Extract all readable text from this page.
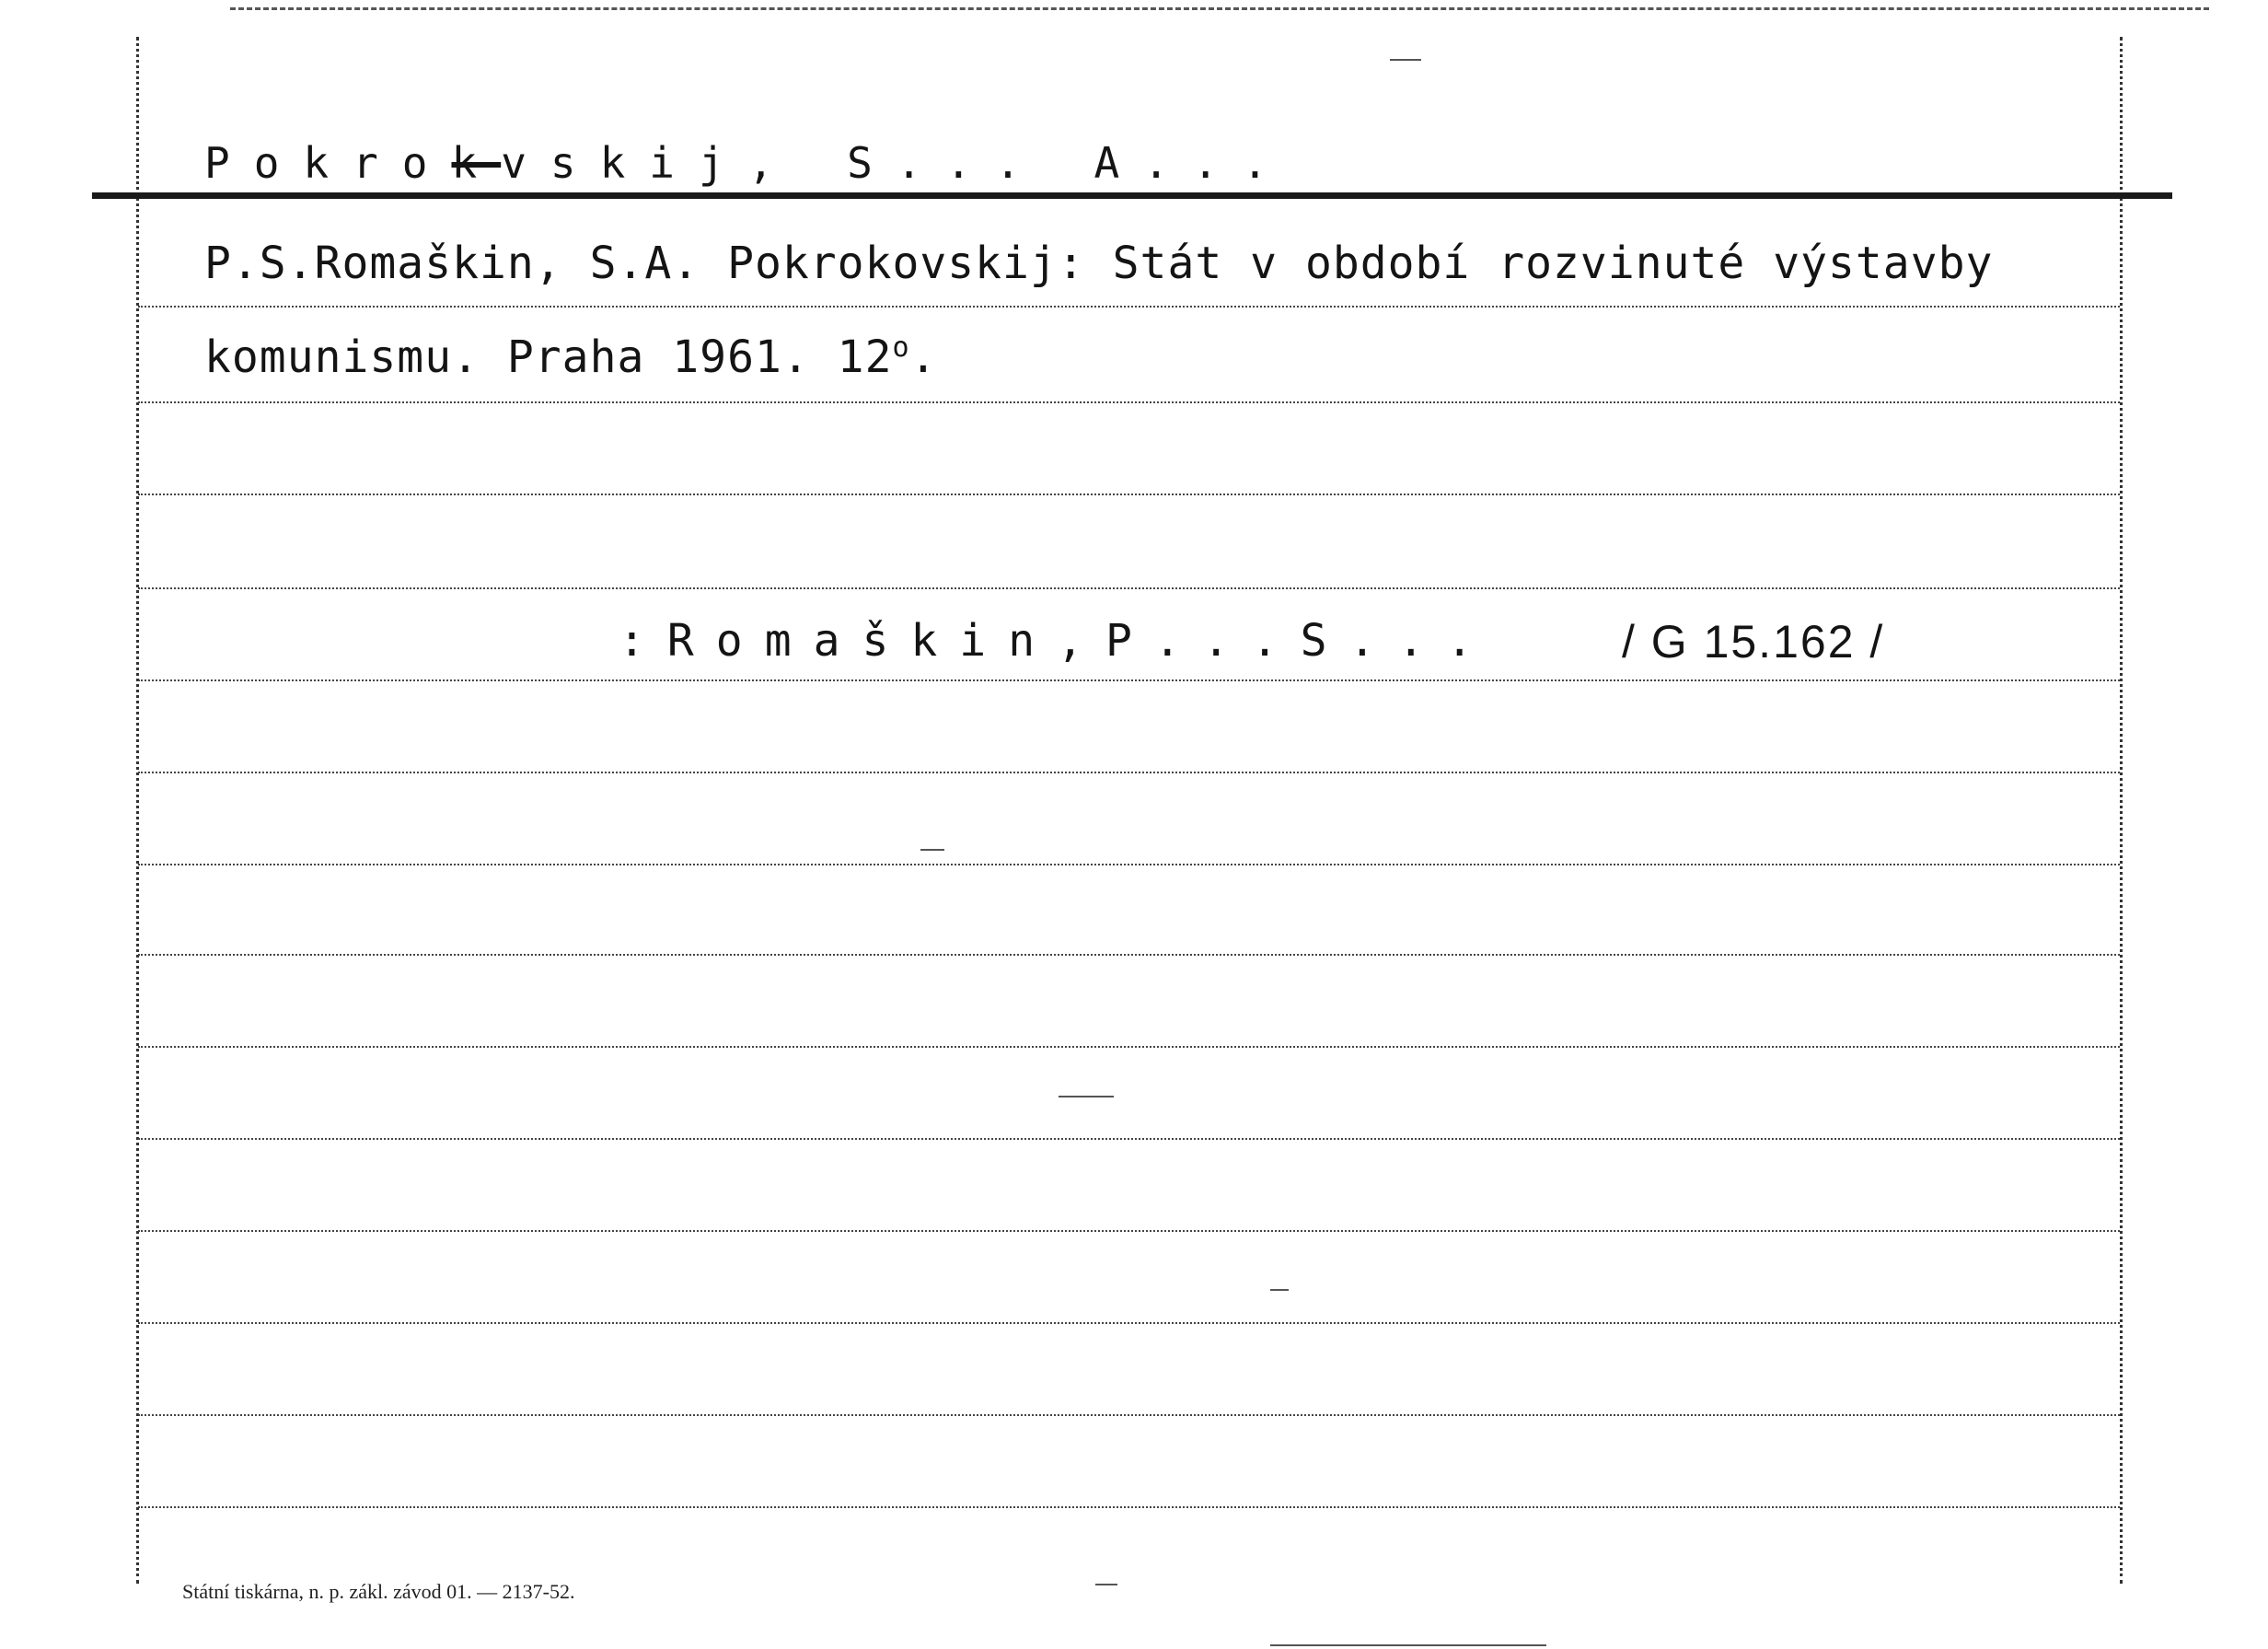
Pokrokvskij, S... A...
P.S.Romaškin, S.A. Pokrokovskij: Stát v období rozvinuté výstavby
komunismu. Praha 1961. 12$^o$.
:Romaškin,P...S...	/ G 15.162 /
Státní tiskárna, n. p. zákl. závod 01. — 2137-52.
